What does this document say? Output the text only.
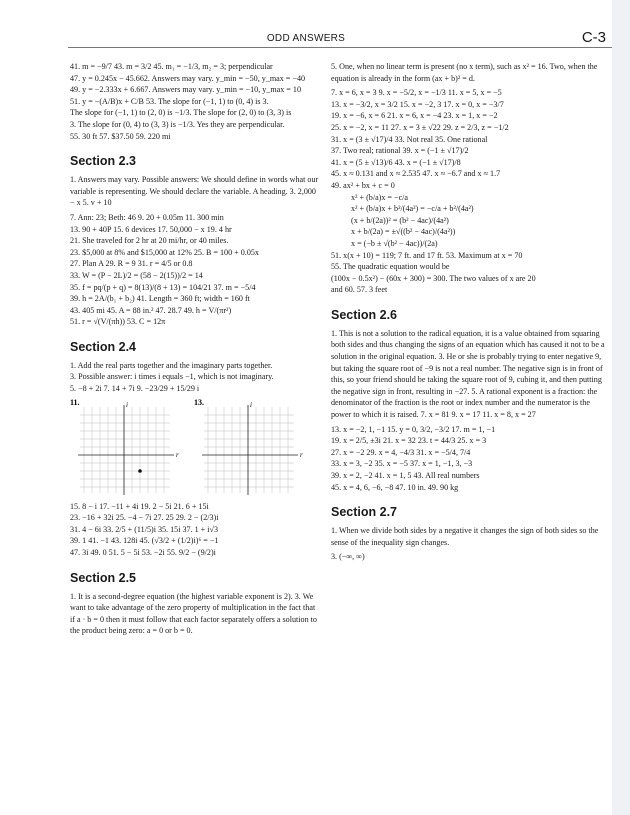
ODD ANSWERS	C-3

41. m = −9/7 43. m = 3/2 45. m₁ = −1/3, m₂ = 3; perpendicular

47. y = 0.245x − 45.662. Answers may vary. y_min = −50, y_max = −40

49. y = −2.333x + 6.667. Answers may vary. y_min = −10, y_max = 10

51. y = −(A/B)x + C/B 53. The slope for (−1, 1) to (0, 4) is 3.

The slope for (−1, 1) to (2, 0) is −1/3. The slope for (2, 0) to (3, 3) is

3. The slope for (0, 4) to (3, 3) is −1/3. Yes they are perpendicular.

55. 30 ft 57. $37.50 59. 220 mi

Section 2.3

1. Answers may vary. Possible answers: We should define in words what our variable is representing. We should declare the variable. A heading. 3. 2,000 − x 5. v + 10

7. Ann: 23; Beth: 46 9. 20 + 0.05m 11. 300 min

13. 90 + 40P 15. 6 devices 17. 50,000 − x 19. 4 hr

21. She traveled for 2 hr at 20 mi/hr, or 40 miles.

23. $5,000 at 8% and $15,000 at 12% 25. B = 100 + 0.05x

27. Plan A 29. R = 9 31. r = 4/5 or 0.8

33. W = (P − 2L)/2 = (58 − 2(15))/2 = 14

35. f = pq/(p + q) = 8(13)/(8 + 13) = 104/21 37. m = −5/4

39. h = 2A/(b₁ + b₂) 41. Length = 360 ft; width = 160 ft

43. 405 mi 45. A = 88 in.² 47. 28.7 49. h = V/(πr²)

51. r = √(V/(πh)) 53. C = 12π

Section 2.4

1. Add the real parts together and the imaginary parts together.

3. Possible answer: i times i equals −1, which is not imaginary.

5. −8 + 2i 7. 14 + 7i 9. −23/29 + 15/29 i

11.	i
r
13.	i
r

15. 8 − i 17. −11 + 4i 19. 2 − 5i 21. 6 + 15i

23. −16 + 32i 25. −4 − 7i 27. 25 29. 2 − (2/3)i

31. 4 − 6i 33. 2/5 + (11/5)i 35. 15i 37. 1 + i√3

39. 1 41. −1 43. 128i 45. (√3/2 + (1/2)i)⁶ = −1

47. 3i 49. 0 51. 5 − 5i 53. −2i 55. 9/2 − (9/2)i

Section 2.5

1. It is a second-degree equation (the highest variable exponent is 2). 3. We want to take advantage of the zero property of multiplication in the fact that if a · b = 0 then it must follow that each factor separately offers a solution to the product being zero: a = 0 or b = 0.

5. One, when no linear term is present (no x term), such as x² = 16. Two, when the equation is already in the form (ax + b)² = d.

7. x = 6, x = 3 9. x = −5/2, x = −1/3 11. x = 5, x = −5

13. x = −3/2, x = 3/2 15. x = −2, 3 17. x = 0, x = −3/7

19. x = −6, x = 6 21. x = 6, x = −4 23. x = 1, x = −2

25. x = −2, x = 11 27. x = 3 ± √22 29. z = 2/3, z = −1/2

31. x = (3 ± √17)/4 33. Not real 35. One rational

37. Two real; rational 39. x = (−1 ± √17)/2

41. x = (5 ± √13)/6 43. x = (−1 ± √17)/8

45. x ≈ 0.131 and x ≈ 2.535 47. x ≈ −6.7 and x ≈ 1.7

49. ax² + bx + c = 0

x² + (b/a)x = −c/a

x² + (b/a)x + b²/(4a²) = −c/a + b²/(4a²)

(x + b/(2a))² = (b² − 4ac)/(4a²)

x + b/(2a) = ±√((b² − 4ac)/(4a²))

x = (−b ± √(b² − 4ac))/(2a)

51. x(x + 10) = 119; 7 ft. and 17 ft. 53. Maximum at x = 70

55. The quadratic equation would be

(100x − 0.5x²) − (60x + 300) = 300. The two values of x are 20

and 60. 57. 3 feet

Section 2.6

1. This is not a solution to the radical equation, it is a value obtained from squaring both sides and thus changing the signs of an equation which has caused it not to be a solution in the original equation. 3. He or she is probably trying to enter negative 9, but taking the square root of −9 is not a real number. The negative sign is in front of this, so your friend should be taking the square root of 9, cubing it, and then putting the negative sign in front, resulting in −27. 5. A rational exponent is a fraction: the denominator of the fraction is the root or index number and the numerator is the power to which it is raised. 7. x = 81 9. x = 17 11. x = 8, x = 27

13. x = −2, 1, −1 15. y = 0, 3/2, −3/2 17. m = 1, −1

19. x = 2/5, ±3i 21. x = 32 23. t = 44/3 25. x = 3

27. x = −2 29. x = 4, −4/3 31. x = −5/4, 7/4

33. x = 3, −2 35. x = −5 37. x = 1, −1, 3, −3

39. x = 2, −2 41. x = 1, 5 43. All real numbers

45. x = 4, 6, −6, −8 47. 10 in. 49. 90 kg

Section 2.7

1. When we divide both sides by a negative it changes the sign of both sides so the sense of the inequality sign changes.

3. (−∞, ∞)
